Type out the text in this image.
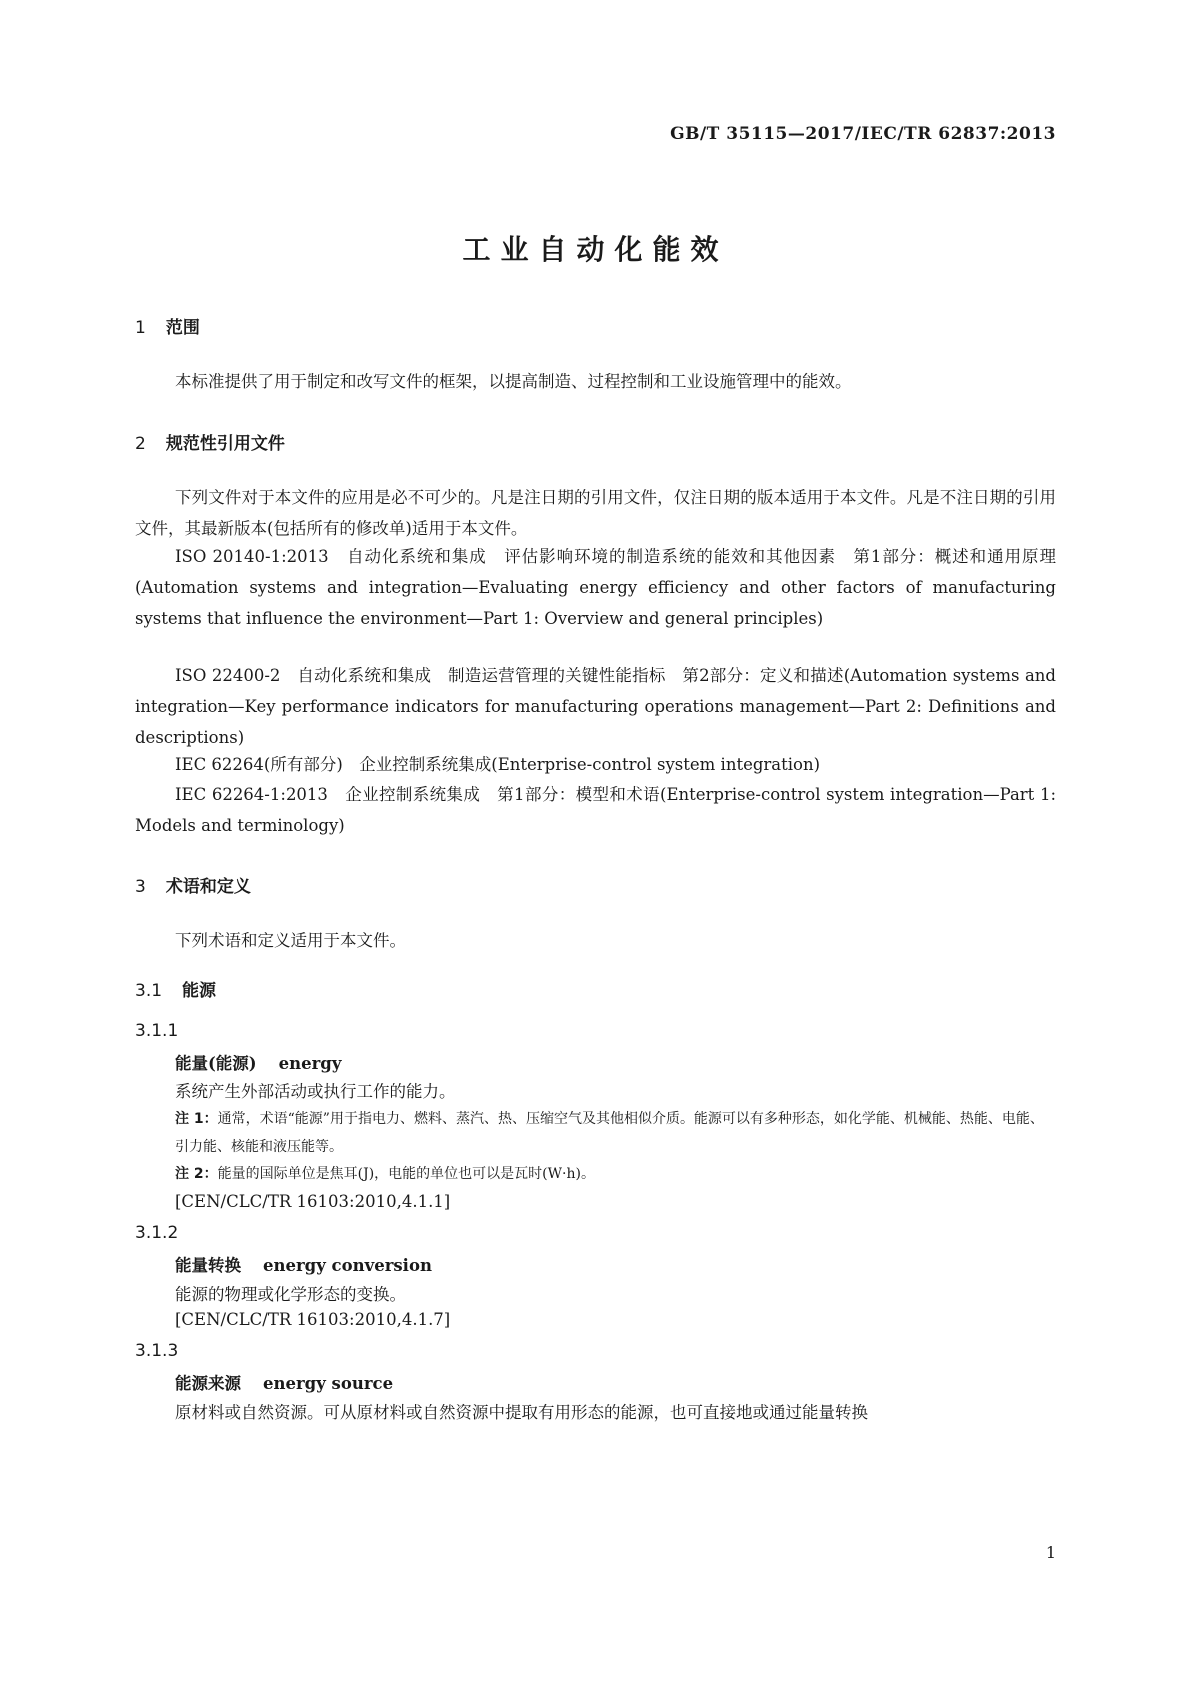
GB/T 35115—2017/IEC/TR 62837:2013
工业自动化能效
1 范围
本标准提供了用于制定和改写文件的框架，以提高制造、过程控制和工业设施管理中的能效。
2 规范性引用文件
下列文件对于本文件的应用是必不可少的。凡是注日期的引用文件，仅注日期的版本适用于本文件。凡是不注日期的引用文件，其最新版本(包括所有的修改单)适用于本文件。
ISO 20140-1:2013　自动化系统和集成　评估影响环境的制造系统的能效和其他因素　第1部分：概述和通用原理(Automation systems and integration—Evaluating energy efficiency and other factors of manufacturing systems that influence the environment—Part 1: Overview and general principles)
ISO 22400-2　自动化系统和集成　制造运营管理的关键性能指标　第2部分：定义和描述(Automation systems and integration—Key performance indicators for manufacturing operations management—Part 2: Definitions and descriptions)
IEC 62264(所有部分)　企业控制系统集成(Enterprise-control system integration)
IEC 62264-1:2013　企业控制系统集成　第1部分：模型和术语(Enterprise-control system integration—Part 1: Models and terminology)
3 术语和定义
下列术语和定义适用于本文件。
3.1 能源
3.1.1
能量(能源) energy
系统产生外部活动或执行工作的能力。
注 1：通常，术语“能源”用于指电力、燃料、蒸汽、热、压缩空气及其他相似介质。能源可以有多种形态，如化学能、机械能、热能、电能、引力能、核能和液压能等。
注 2：能量的国际单位是焦耳(J)，电能的单位也可以是瓦时(W·h)。
[CEN/CLC/TR 16103:2010,4.1.1]
3.1.2
能量转换 energy conversion
能源的物理或化学形态的变换。
[CEN/CLC/TR 16103:2010,4.1.7]
3.1.3
能源来源 energy source
原材料或自然资源。可从原材料或自然资源中提取有用形态的能源，也可直接地或通过能量转换
1
